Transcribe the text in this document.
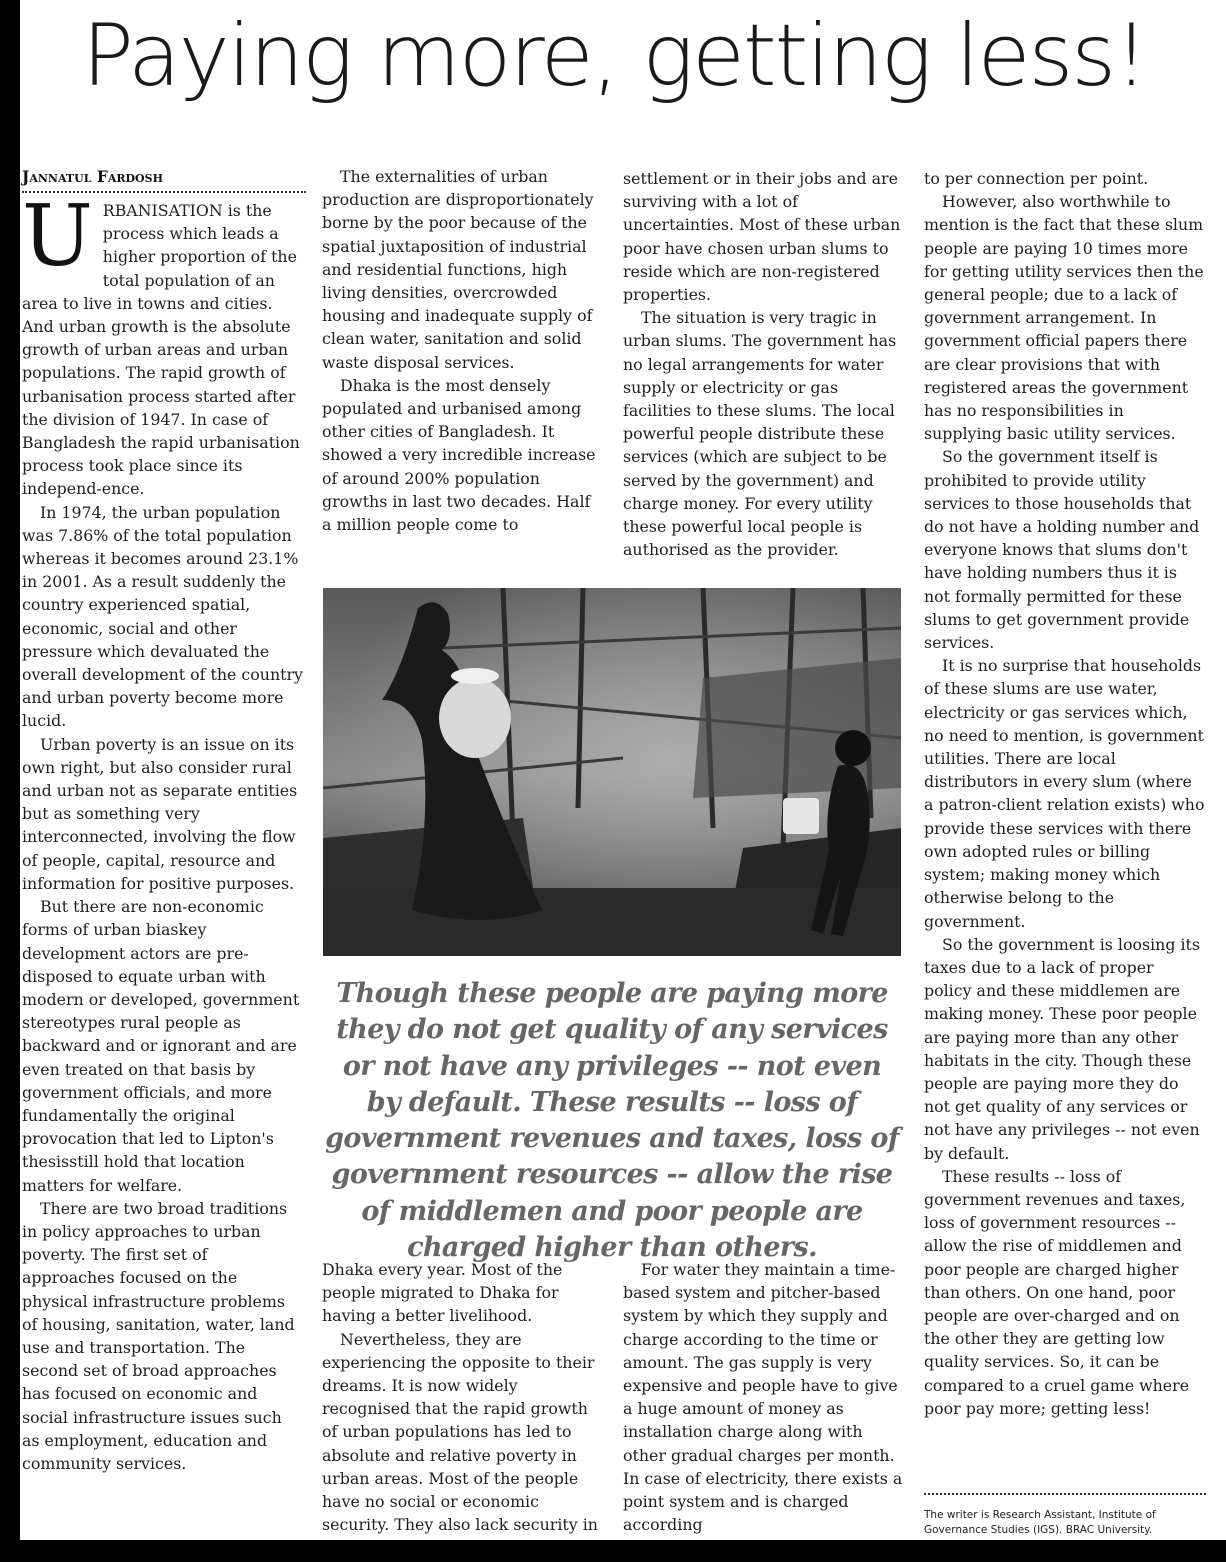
Paying more, getting less!
Jannatul Fardosh

URBANISATION is the process which leads a higher proportion of the total population of an area to live in towns and cities. And urban growth is the absolute growth of urban areas and urban populations. The rapid growth of urbanisation process started after the division of 1947. In case of Bangladesh the rapid urbanisation process took place since its independ-ence.

In 1974, the urban population was 7.86% of the total population whereas it becomes around 23.1% in 2001. As a result suddenly the country experienced spatial, economic, social and other pressure which devaluated the overall development of the country and urban poverty become more lucid.

Urban poverty is an issue on its own right, but also consider rural and urban not as separate entities but as something very interconnected, involving the flow of people, capital, resource and information for positive purposes.

But there are non-economic forms of urban biaskey development actors are pre-disposed to equate urban with modern or developed, government stereotypes rural people as backward and or ignorant and are even treated on that basis by government officials, and more fundamentally the original provocation that led to Lipton's thesisstill hold that location matters for welfare.

There are two broad traditions in policy approaches to urban poverty. The first set of approaches focused on the physical infrastructure problems of housing, sanitation, water, land use and transportation. The second set of broad approaches has focused on economic and social infrastructure issues such as employment, education and community services.

The externalities of urban production are disproportionately borne by the poor because of the spatial juxtaposition of industrial and residential functions, high living densities, overcrowded housing and inadequate supply of clean water, sanitation and solid waste disposal services.

Dhaka is the most densely populated and urbanised among other cities of Bangladesh. It showed a very incredible increase of around 200% population growths in last two decades. Half a million people come to

settlement or in their jobs and are surviving with a lot of uncertainties. Most of these urban poor have chosen urban slums to reside which are non-registered properties.

The situation is very tragic in urban slums. The government has no legal arrangements for water supply or electricity or gas facilities to these slums. The local powerful people distribute these services (which are subject to be served by the government) and charge money. For every utility these powerful local people is authorised as the provider.

Though these people are paying more they do not get quality of any services or not have any privileges -- not even by default. These results -- loss of government revenues and taxes, loss of government resources -- allow the rise of middlemen and poor people are charged higher than others.

Dhaka every year. Most of the people migrated to Dhaka for having a better livelihood.

Nevertheless, they are experiencing the opposite to their dreams. It is now widely recognised that the rapid growth of urban populations has led to absolute and relative poverty in urban areas. Most of the people have no social or economic security. They also lack security in

For water they maintain a time-based system and pitcher-based system by which they supply and charge according to the time or amount. The gas supply is very expensive and people have to give a huge amount of money as installation charge along with other gradual charges per month. In case of electricity, there exists a point system and is charged according

to per connection per point.

However, also worthwhile to mention is the fact that these slum people are paying 10 times more for getting utility services then the general people; due to a lack of government arrangement. In government official papers there are clear provisions that with registered areas the government has no responsibilities in supplying basic utility services.

So the government itself is prohibited to provide utility services to those households that do not have a holding number and everyone knows that slums don't have holding numbers thus it is not formally permitted for these slums to get government provide services.

It is no surprise that households of these slums are use water, electricity or gas services which, no need to mention, is government utilities. There are local distributors in every slum (where a patron-client relation exists) who provide these services with there own adopted rules or billing system; making money which otherwise belong to the government.

So the government is loosing its taxes due to a lack of proper policy and these middlemen are making money. These poor people are paying more than any other habitats in the city. Though these people are paying more they do not get quality of any services or not have any privileges -- not even by default.

These results -- loss of government revenues and taxes, loss of government resources -- allow the rise of middlemen and poor people are charged higher than others. On one hand, poor people are over-charged and on the other they are getting low quality services. So, it can be compared to a cruel game where poor pay more; getting less!

The writer is Research Assistant, Institute of Governance Studies (IGS). BRAC University.
